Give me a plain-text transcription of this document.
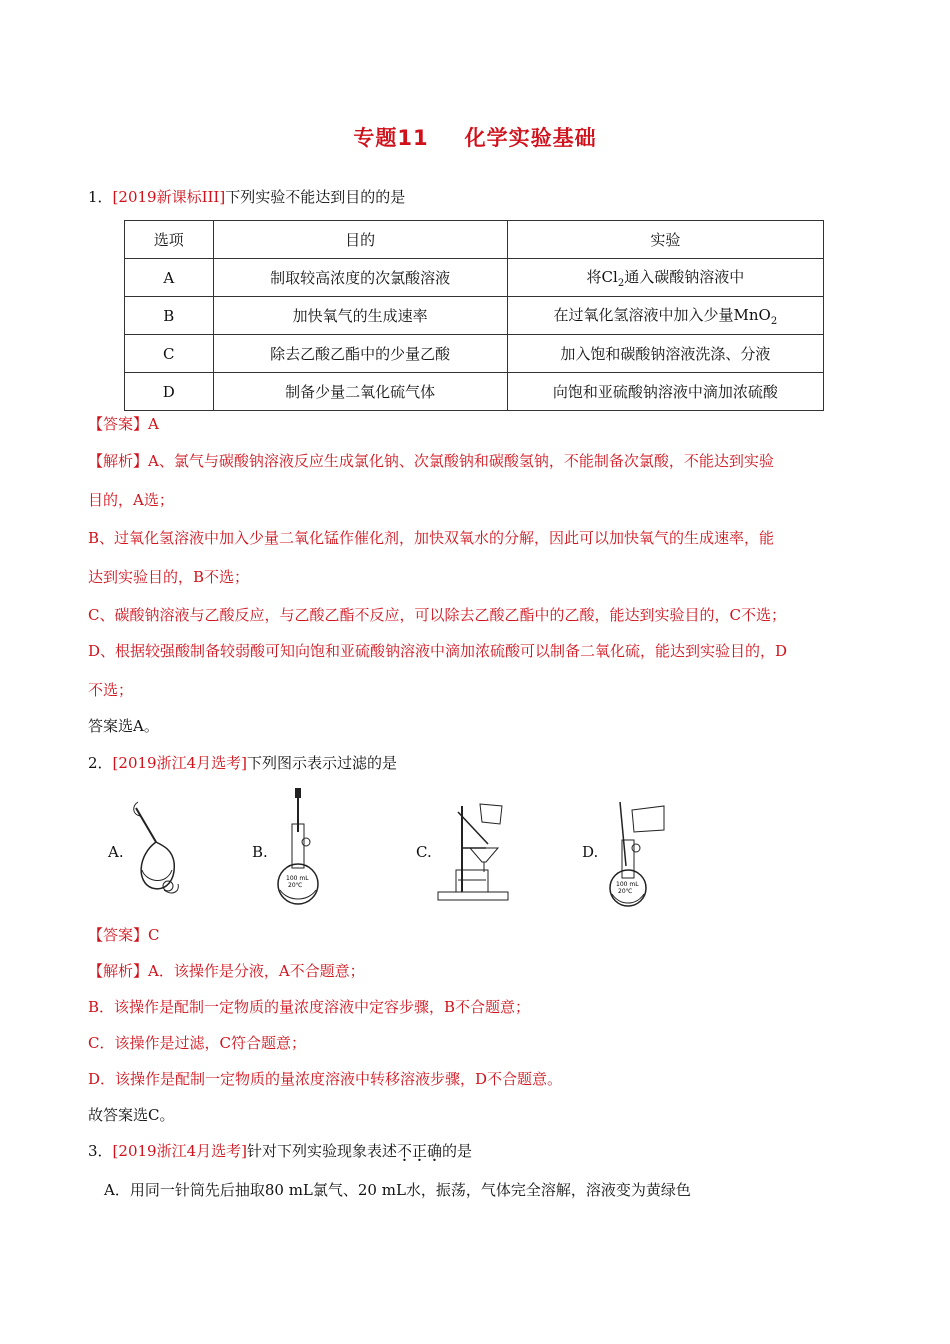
专题11 化学实验基础
1．[2019新课标III]下列实验不能达到目的的是
选项	目的	实验
A	制取较高浓度的次氯酸溶液	将$Cl_2$通入碳酸钠溶液中
B	加快氧气的生成速率	在过氧化氢溶液中加入少量MnO$_2$
C	除去乙酸乙酯中的少量乙酸	加入饱和碳酸钠溶液洗涤、分液
D	制备少量二氧化硫气体	向饱和亚硫酸钠溶液中滴加浓硫酸
【答案】A
【解析】A、氯气与碳酸钠溶液反应生成氯化钠、次氯酸钠和碳酸氢钠，不能制备次氯酸，不能达到实验
目的，A选；
B、过氧化氢溶液中加入少量二氧化锰作催化剂，加快双氧水的分解，因此可以加快氧气的生成速率，能
达到实验目的，B不选；
C、碳酸钠溶液与乙酸反应，与乙酸乙酯不反应，可以除去乙酸乙酯中的乙酸，能达到实验目的，C不选；
D、根据较强酸制备较弱酸可知向饱和亚硫酸钠溶液中滴加浓硫酸可以制备二氧化硫，能达到实验目的，D
不选；
答案选A。
2．[2019浙江4月选考]下列图示表示过滤的是
A.	B.
100 mL
20℃
C.	D.
100 mL
20℃
【答案】C
【解析】A．该操作是分液，A不合题意；
B．该操作是配制一定物质的量浓度溶液中定容步骤，B不合题意；
C．该操作是过滤，C符合题意；
D．该操作是配制一定物质的量浓度溶液中转移溶液步骤，D不合题意。
故答案选C。
3．[2019浙江4月选考]针对下列实验现象表述不正确的是
A．用同一针筒先后抽取80 mL氯气、20 mL水，振荡，气体完全溶解，溶液变为黄绿色
